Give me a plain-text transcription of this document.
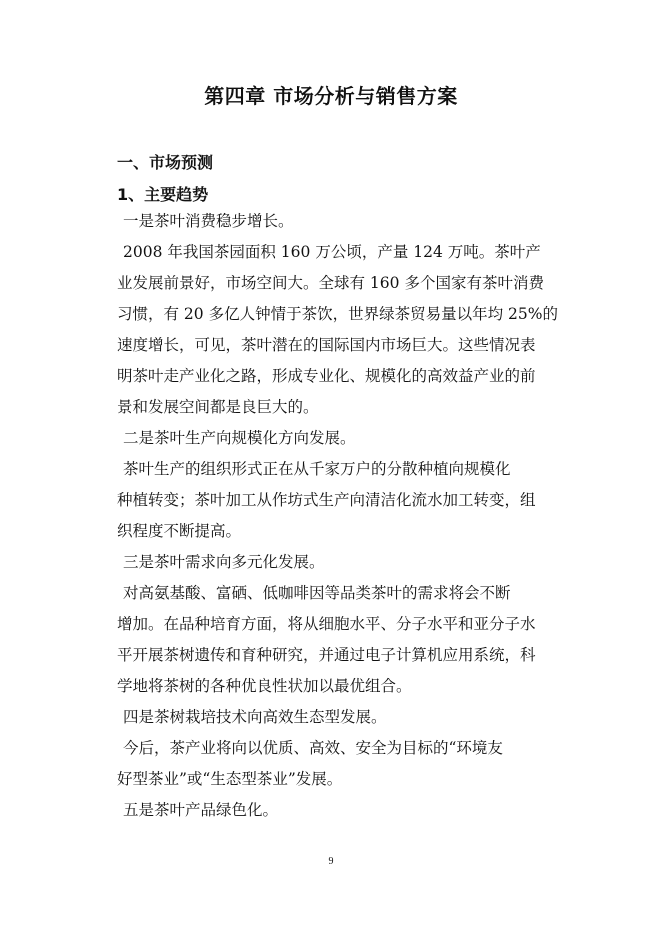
第四章 市场分析与销售方案
一、市场预测
1、主要趋势
一是茶叶消费稳步增长。
2008 年我国茶园面积 160 万公顷，产量 124 万吨。茶叶产
业发展前景好，市场空间大。全球有 160 多个国家有茶叶消费
习惯，有 20 多亿人钟情于茶饮，世界绿茶贸易量以年均 25%的
速度增长，可见，茶叶潜在的国际国内市场巨大。这些情况表
明茶叶走产业化之路，形成专业化、规模化的高效益产业的前
景和发展空间都是良巨大的。
二是茶叶生产向规模化方向发展。
茶叶生产的组织形式正在从千家万户的分散种植向规模化
种植转变；茶叶加工从作坊式生产向清洁化流水加工转变，组
织程度不断提高。
三是茶叶需求向多元化发展。
对高氨基酸、富硒、低咖啡因等品类茶叶的需求将会不断
增加。在品种培育方面，将从细胞水平、分子水平和亚分子水
平开展茶树遗传和育种研究，并通过电子计算机应用系统，科
学地将茶树的各种优良性状加以最优组合。
四是茶树栽培技术向高效生态型发展。
今后，茶产业将向以优质、高效、安全为目标的“环境友
好型茶业”或“生态型茶业”发展。
五是茶叶产品绿色化。
9
